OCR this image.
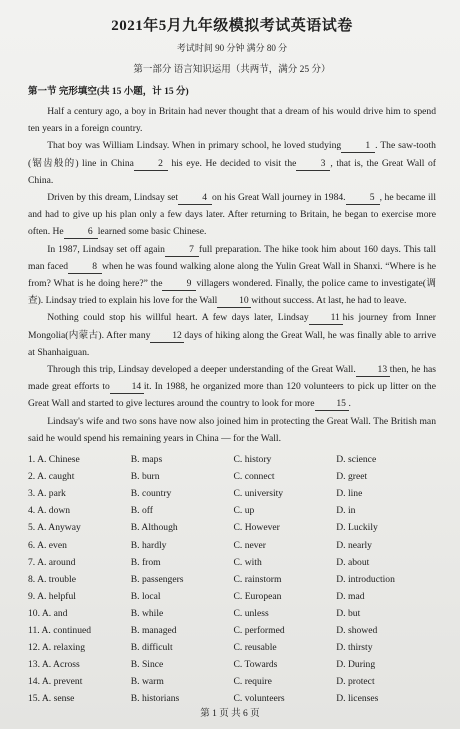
2021年5月九年级模拟考试英语试卷
考试时间 90 分钟 满分 80 分
第一部分 语言知识运用（共两节，满分 25 分）
第一节 完形填空(共 15 小题，计 15 分)

Half a century ago, a boy in Britain had never thought that a dream of his would drive him to spend ten years in a foreign country.

That boy was William Lindsay. When in primary school, he loved studying	1 . The saw-tooth (锯齿般的) line in China	2 his eye. He decided to visit the	3 , that is, the Great Wall of China.

Driven by this dream, Lindsay set	4 on his Great Wall journey in 1984.	5 , he became ill and had to give up his plan only a few days later. After returning to Britain, he began to exercise more often. He	6 learned some basic Chinese.

In 1987, Lindsay set off again	7 full preparation. The hike took him about 160 days. This tall man faced	8 when he was found walking alone along the Yulin Great Wall in Shanxi. “Where is he from? What is he doing here?” the	9 villagers wondered. Finally, the police came to investigate(调查). Lindsay tried to explain his love for the Wall 10 without success. At last, he had to leave.

Nothing could stop his willful heart. A few days later, Lindsay 11 his journey from Inner Mongolia(内蒙古). After many 12 days of hiking along the Great Wall, he was finally able to arrive at Shanhaiguan.

Through this trip, Lindsay developed a deeper understanding of the Great Wall. 13 then, he has made great efforts to 14 it. In 1988, he organized more than 120 volunteers to pick up litter on the Great Wall and started to give lectures around the country to look for more 15 .

Lindsay's wife and two sons have now also joined him in protecting the Great Wall. The British man said he would spend his remaining years in China — for the Wall.

1. A. Chinese	B. maps	C. history	D. science
2. A. caught	B. burn	C. connect	D. greet
3. A. park	B. country	C. university	D. line
4. A. down	B. off	C. up	D. in
5. A. Anyway	B. Although	C. However	D. Luckily
6. A. even	B. hardly	C. never	D. nearly
7. A. around	B. from	C. with	D. about
8. A. trouble	B. passengers	C. rainstorm	D. introduction
9. A. helpful	B. local	C. European	D. mad
10. A. and	B. while	C. unless	D. but
11. A. continued	B. managed	C. performed	D. showed
12. A. relaxing	B. difficult	C. reusable	D. thirsty
13. A. Across	B. Since	C. Towards	D. During
14. A. prevent	B. warm	C. require	D. protect
15. A. sense	B. historians	C. volunteers	D. licenses
第 1 页 共 6 页
